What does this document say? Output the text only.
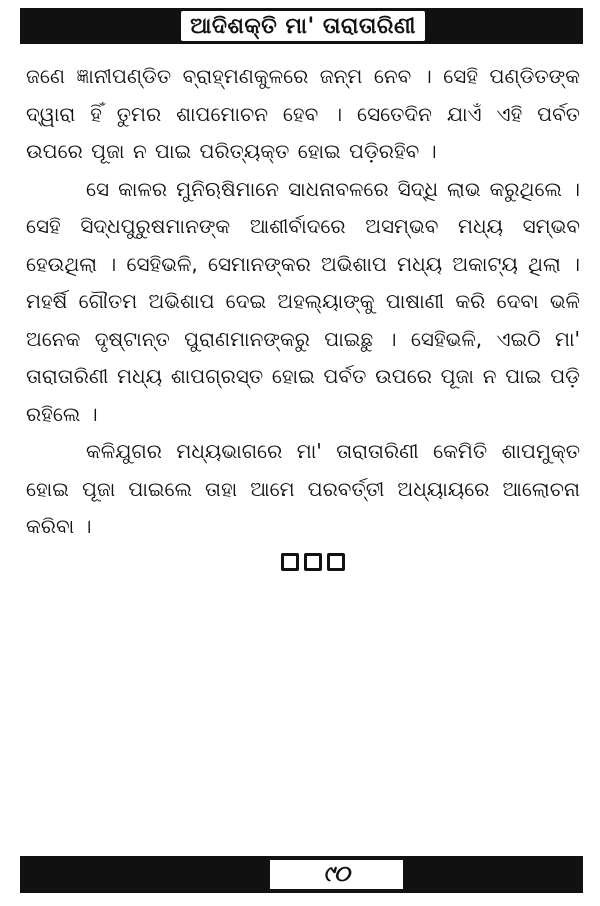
ଆଦିଶକ୍ତି ମା' ତାରାତାରିଣୀ

ଜଣେ ଜ୍ଞାନୀପଣ୍ଡିତ ବ୍ରାହ୍ମଣକୁଳରେ ଜନ୍ମ ନେବ । ସେହି ପଣ୍ଡିତଙ୍କ ଦ୍ୱାରା ହିଁ ତୁମର ଶାପମୋଚନ ହେବ । ସେତେଦିନ ଯାଏଁ ଏହି ପର୍ବତ ଉପରେ ପୂଜା ନ ପାଇ ପରିତ୍ୟକ୍ତ ହୋଇ ପଡ଼ିରହିବ ।

ସେ କାଳର ମୁନିଋଷିମାନେ ସାଧନାବଳରେ ସିଦ୍ଧି ଲାଭ କରୁଥିଲେ । ସେହି ସିଦ୍ଧପୁରୁଷମାନଙ୍କ ଆଶୀର୍ବାଦରେ ଅସମ୍ଭବ ମଧ୍ୟ ସମ୍ଭବ ହେଉଥିଲା । ସେହିଭଳି, ସେମାନଙ୍କର ଅଭିଶାପ ମଧ୍ୟ ଅକାଟ୍ୟ ଥିଲା । ମହର୍ଷି ଗୌତମ ଅଭିଶାପ ଦେଇ ଅହଲ୍ୟାଙ୍କୁ ପାଷାଣୀ କରି ଦେବା ଭଳି ଅନେକ ଦୃଷ୍ଟାନ୍ତ ପୁରାଣମାନଙ୍କରୁ ପାଇଛୁ । ସେହିଭଳି, ଏଇଠି ମା' ତାରାତାରିଣୀ ମଧ୍ୟ ଶାପଗ୍ରସ୍ତ ହୋଇ ପର୍ବତ ଉପରେ ପୂଜା ନ ପାଇ ପଡ଼ି ରହିଲେ ।

କଳିଯୁଗର ମଧ୍ୟଭାଗରେ ମା' ତାରାତାରିଣୀ କେମିତି ଶାପମୁକ୍ତ ହୋଇ ପୂଜା ପାଇଲେ ତାହା ଆମେ ପରବର୍ତ୍ତୀ ଅଧ୍ୟାୟରେ ଆଲୋଚନା କରିବା ।

୯୦
